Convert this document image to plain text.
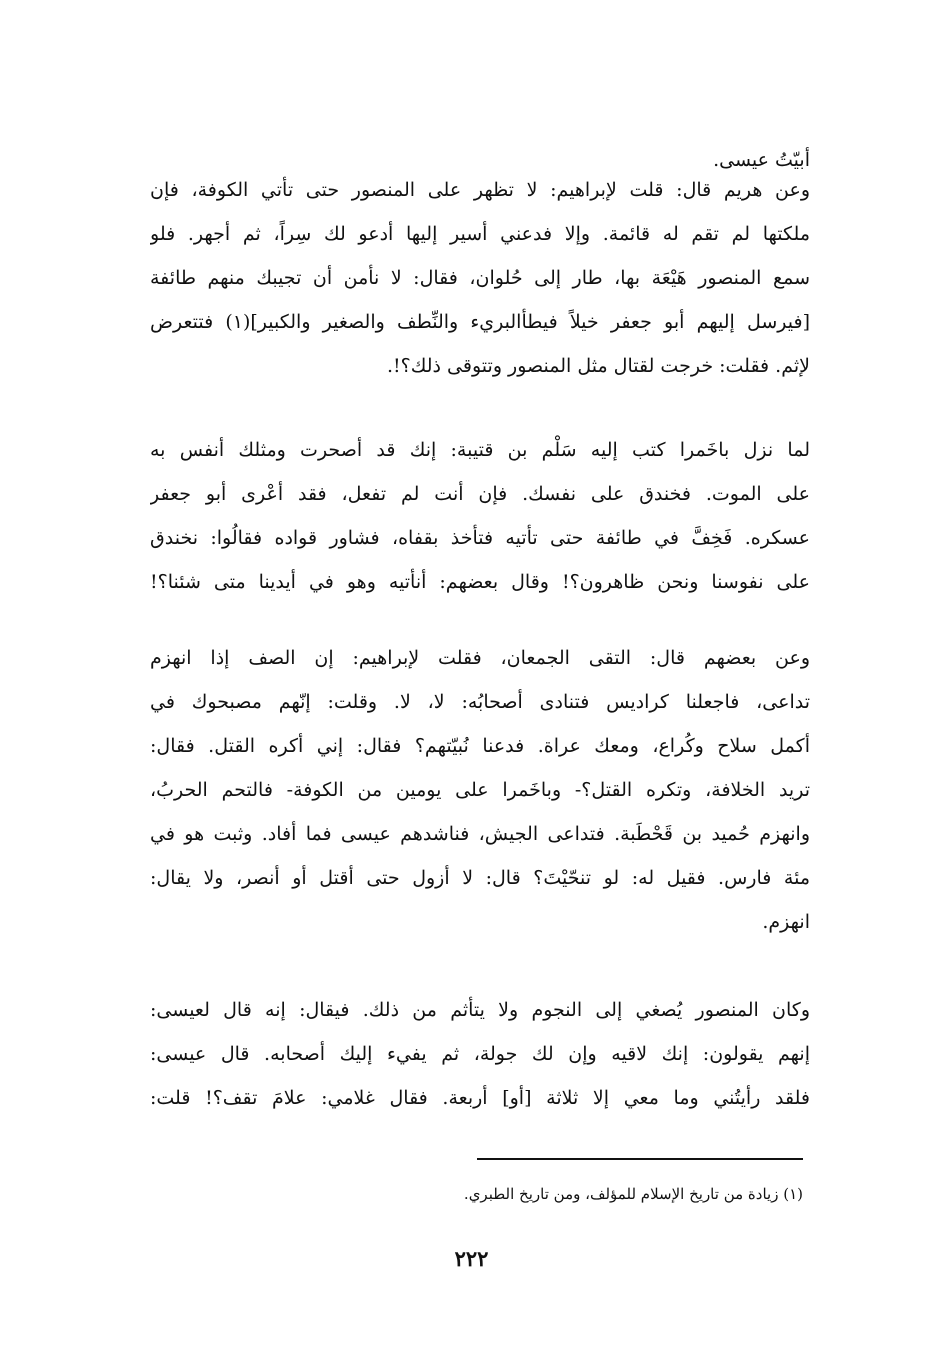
أبيّتُ عيسى.
وعن هريم قال: قلت لإبراهيم: لا تظهر على المنصور حتى تأتي الكوفة، فإن
ملكتها لم تقم له قائمة. وإلا فدعني أسير إليها أدعو لك سِراً، ثم أجهر. فلو
سمع المنصور هَيْعَة بها، طار إلى حُلوان، فقال: لا نأمن أن تجيبك منهم طائفة
[فيرسل إليهم أبو جعفر خيلاً فيطأالبريء والنِّطف والصغير والكبير](١) فتتعرض
لإثم. فقلت: خرجت لقتال مثل المنصور وتتوقى ذلك؟!.
لما نزل باخَمرا كتب إليه سَلْم بن قتيبة: إنك قد أصحرت ومثلك أنفس به
على الموت. فخندق على نفسك. فإن أنت لم تفعل، فقد أعْرى أبو جعفر
عسكره. فَخِفَّ في طائفة حتى تأتيه فتأخذ بقفاه، فشاور قواده فقالُوا: نخندق
على نفوسنا ونحن ظاهرون؟! وقال بعضهم: أنأتيه وهو في أيدينا متى شئنا؟!
وعن بعضهم قال: التقى الجمعان، فقلت لإبراهيم: إن الصف إذا انهزم
تداعى، فاجعلنا كراديس فتنادى أصحابُه: لا، لا. وقلت: إنّهم مصبحوك في
أكمل سلاح وكُراع، ومعك عراة. فدعنا نُبيّتهم؟ فقال: إني أكره القتل. فقال:
تريد الخلافة، وتكره القتل؟- وباخَمرا على يومين من الكوفة- فالتحم الحربُ،
وانهزم حُميد بن قَحْطَبة. فتداعى الجيش، فناشدهم عيسى فما أفاد. وثبت هو في
مئة فارس. فقيل له: لو تنحّيْتَ؟ قال: لا أزول حتى أقتل أو أنصر، ولا يقال:
انهزم.
وكان المنصور يُصغي إلى النجوم ولا يتأثم من ذلك. فيقال: إنه قال لعيسى:
إنهم يقولون: إنك لاقيه وإن لك جولة، ثم يفيء إليك أصحابه. قال عيسى:
فلقد رأيتُني وما معي إلا ثلاثة [أو] أربعة. فقال غلامي: علامَ تقف؟! قلت:
(١) زيادة من تاريخ الإسلام للمؤلف، ومن تاريخ الطبري.
٢٢٢
